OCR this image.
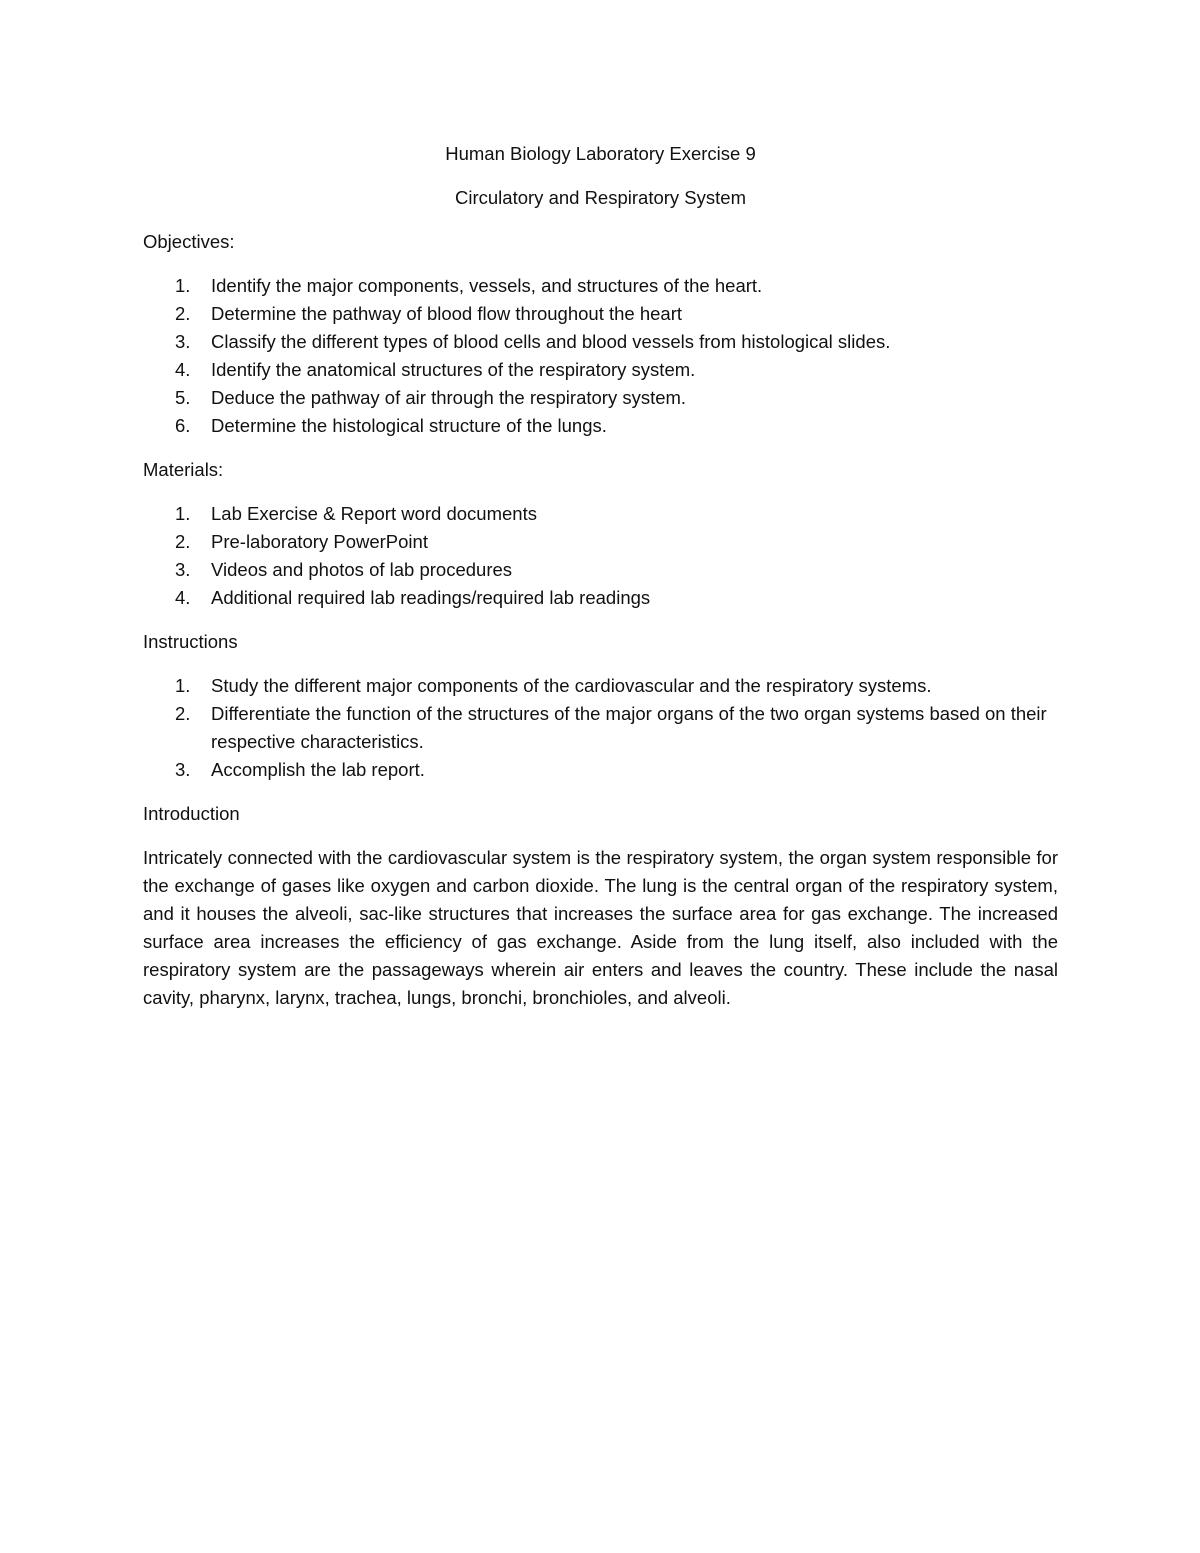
Human Biology Laboratory Exercise 9

Circulatory and Respiratory System

Objectives:

1. Identify the major components, vessels, and structures of the heart.
2. Determine the pathway of blood flow throughout the heart
3. Classify the different types of blood cells and blood vessels from histological slides.
4. Identify the anatomical structures of the respiratory system.
5. Deduce the pathway of air through the respiratory system.
6. Determine the histological structure of the lungs.

Materials:

1. Lab Exercise & Report word documents
2. Pre-laboratory PowerPoint
3. Videos and photos of lab procedures
4. Additional required lab readings/required lab readings

Instructions

1. Study the different major components of the cardiovascular and the respiratory systems.
2. Differentiate the function of the structures of the major organs of the two organ systems based on their respective characteristics.
3. Accomplish the lab report.

Introduction

Intricately connected with the cardiovascular system is the respiratory system, the organ system responsible for the exchange of gases like oxygen and carbon dioxide. The lung is the central organ of the respiratory system, and it houses the alveoli, sac-like structures that increases the surface area for gas exchange. The increased surface area increases the efficiency of gas exchange. Aside from the lung itself, also included with the respiratory system are the passageways wherein air enters and leaves the country. These include the nasal cavity, pharynx, larynx, trachea, lungs, bronchi, bronchioles, and alveoli.
